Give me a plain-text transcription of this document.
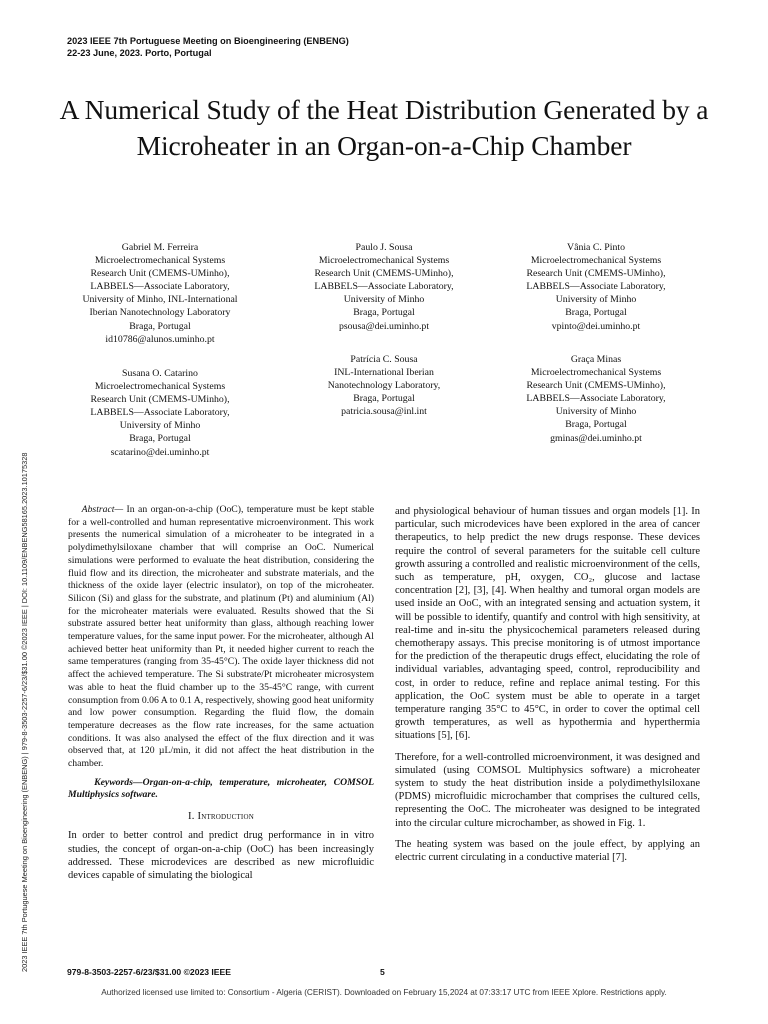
2023 IEEE 7th Portuguese Meeting on Bioengineering (ENBENG)
22-23 June, 2023. Porto, Portugal
A Numerical Study of the Heat Distribution Generated by a Microheater in an Organ-on-a-Chip Chamber
2023 IEEE 7th Portuguese Meeting on Bioengineering (ENBENG) | 979-8-3503-2257-6/23/$31.00 ©2023 IEEE | DOI: 10.1109/ENBENG58165.2023.10175328
Gabriel M. Ferreira
Microelectromechanical Systems
Research Unit (CMEMS-UMinho),
LABBELS—Associate Laboratory,
University of Minho, INL-International
Iberian Nanotechnology Laboratory
Braga, Portugal
id10786@alunos.uminho.pt
Paulo J. Sousa
Microelectromechanical Systems
Research Unit (CMEMS-UMinho),
LABBELS—Associate Laboratory,
University of Minho
Braga, Portugal
psousa@dei.uminho.pt
Vânia C. Pinto
Microelectromechanical Systems
Research Unit (CMEMS-UMinho),
LABBELS—Associate Laboratory,
University of Minho
Braga, Portugal
vpinto@dei.uminho.pt
Susana O. Catarino
Microelectromechanical Systems
Research Unit (CMEMS-UMinho),
LABBELS—Associate Laboratory,
University of Minho
Braga, Portugal
scatarino@dei.uminho.pt
Patrícia C. Sousa
INL-International Iberian
Nanotechnology Laboratory,
Braga, Portugal
patricia.sousa@inl.int
Graça Minas
Microelectromechanical Systems
Research Unit (CMEMS-UMinho),
LABBELS—Associate Laboratory,
University of Minho
Braga, Portugal
gminas@dei.uminho.pt
Abstract— In an organ-on-a-chip (OoC), temperature must be kept stable for a well-controlled and human representative microenvironment. This work presents the numerical simulation of a microheater to be integrated in a polydimethylsiloxane chamber that will comprise an OoC. Numerical simulations were performed to evaluate the heat distribution, considering the fluid flow and its direction, the microheater and substrate materials, and the thickness of the oxide layer (electric insulator), on top of the microheater. Silicon (Si) and glass for the substrate, and platinum (Pt) and aluminium (Al) for the microheater materials were evaluated. Results showed that the Si substrate assured better heat uniformity than glass, although reaching lower temperature values, for the same input power. For the microheater, although Al achieved better heat uniformity than Pt, it needed higher current to reach the same temperatures (ranging from 35-45°C). The oxide layer thickness did not affect the achieved temperature. The Si substrate/Pt microheater microsystem was able to heat the fluid chamber up to the 35-45°C range, with current consumption from 0.06 A to 0.1 A, respectively, showing good heat uniformity and low power consumption. Regarding the fluid flow, the domain temperature decreases as the flow rate increases, for the same actuation conditions. It was also analysed the effect of the flux direction and it was observed that, at 120 µL/min, it did not affect the heat distribution in the chamber.
Keywords—Organ-on-a-chip, temperature, microheater, COMSOL Multiphysics software.
I. Introduction
In order to better control and predict drug performance in in vitro studies, the concept of organ-on-a-chip (OoC) has been increasingly addressed. These microdevices are described as new microfluidic devices capable of simulating the biological
and physiological behaviour of human tissues and organ models [1]. In particular, such microdevices have been explored in the area of cancer therapeutics, to help predict the new drugs response. These devices require the control of several parameters for the suitable cell culture growth assuring a controlled and realistic microenvironment of the cells, such as temperature, pH, oxygen, CO₂, glucose and lactase concentration [2], [3], [4]. When healthy and tumoral organ models are used inside an OoC, with an integrated sensing and actuation system, it will be possible to identify, quantify and control with high sensitivity, at real-time and in-situ the physicochemical parameters released during chemotherapy assays. This precise monitoring is of utmost importance for the prediction of the therapeutic drugs effect, elucidating the role of individual variables, advantaging speed, control, reproducibility and cost, in order to reduce, refine and replace animal testing. For this application, the OoC system must be able to operate in a target temperature ranging 35°C to 45°C, in order to cover the optimal cell growth temperatures, as well as hypothermia and hyperthermia situations [5], [6].
Therefore, for a well-controlled microenvironment, it was designed and simulated (using COMSOL Multiphysics software) a microheater system to study the heat distribution inside a polydimethylsiloxane (PDMS) microfluidic microchamber that comprises the cultured cells, representing the OoC. The microheater was designed to be integrated into the circular culture microchamber, as showed in Fig. 1.
The heating system was based on the joule effect, by applying an electric current circulating in a conductive material [7].
979-8-3503-2257-6/23/$31.00 ©2023 IEEE	5
Authorized licensed use limited to: Consortium - Algeria (CERIST). Downloaded on February 15,2024 at 07:33:17 UTC from IEEE Xplore. Restrictions apply.
